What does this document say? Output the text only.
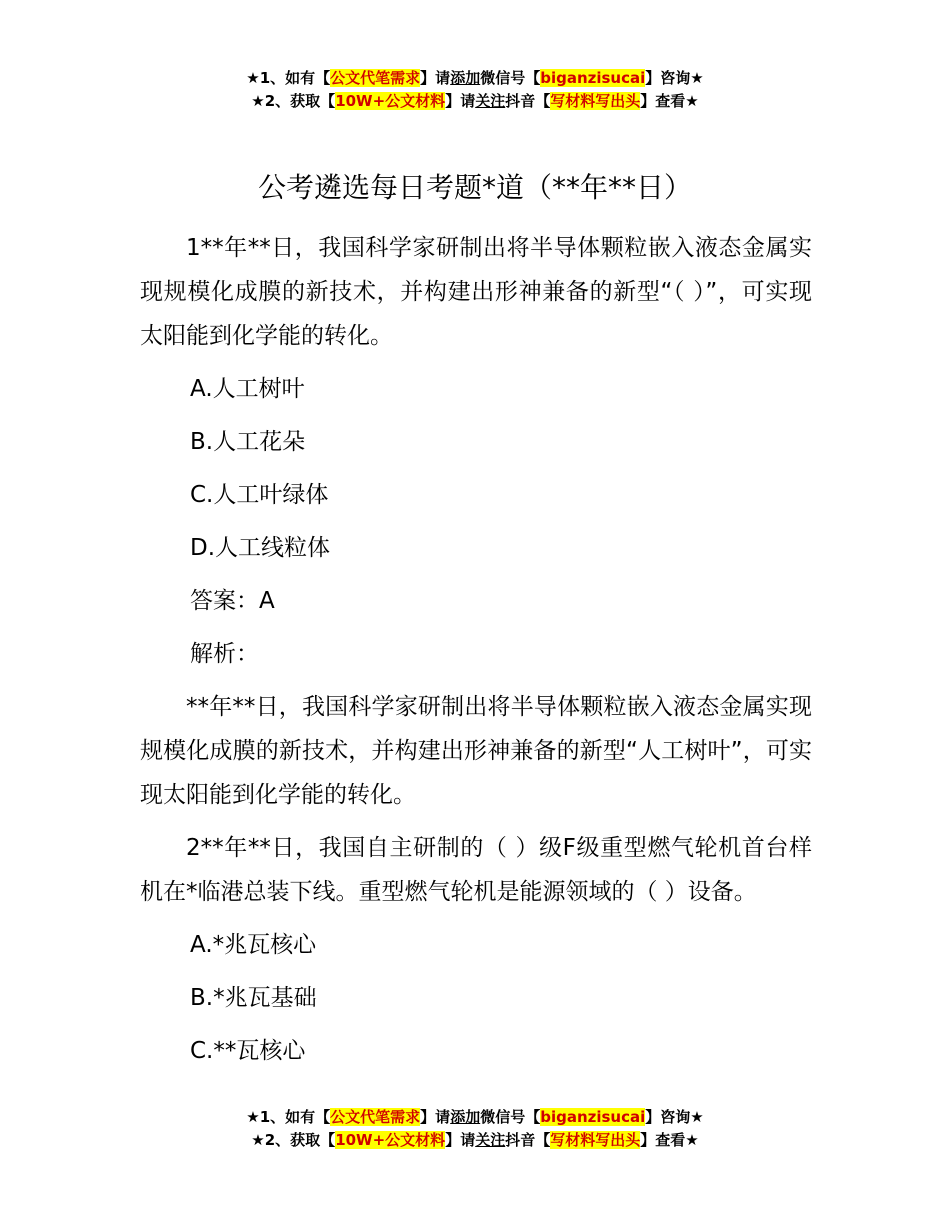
★1、如有【公文代笔需求】请添加微信号【biganzisucai】咨询★
★2、获取【10W+公文材料】请关注抖音【写材料写出头】查看★
公考遴选每日考题*道（**年**日）

1**年**日，我国科学家研制出将半导体颗粒嵌入液态金属实现规模化成膜的新技术，并构建出形神兼备的新型“（ ）”，可实现太阳能到化学能的转化。

A.人工树叶
B.人工花朵
C.人工叶绿体
D.人工线粒体
答案：A
解析：

**年**日，我国科学家研制出将半导体颗粒嵌入液态金属实现规模化成膜的新技术，并构建出形神兼备的新型“人工树叶”，可实现太阳能到化学能的转化。

2**年**日，我国自主研制的（ ）级F级重型燃气轮机首台样机在*临港总装下线。重型燃气轮机是能源领域的（ ）设备。

A.*兆瓦核心
B.*兆瓦基础
C.**瓦核心
★1、如有【公文代笔需求】请添加微信号【biganzisucai】咨询★
★2、获取【10W+公文材料】请关注抖音【写材料写出头】查看★
